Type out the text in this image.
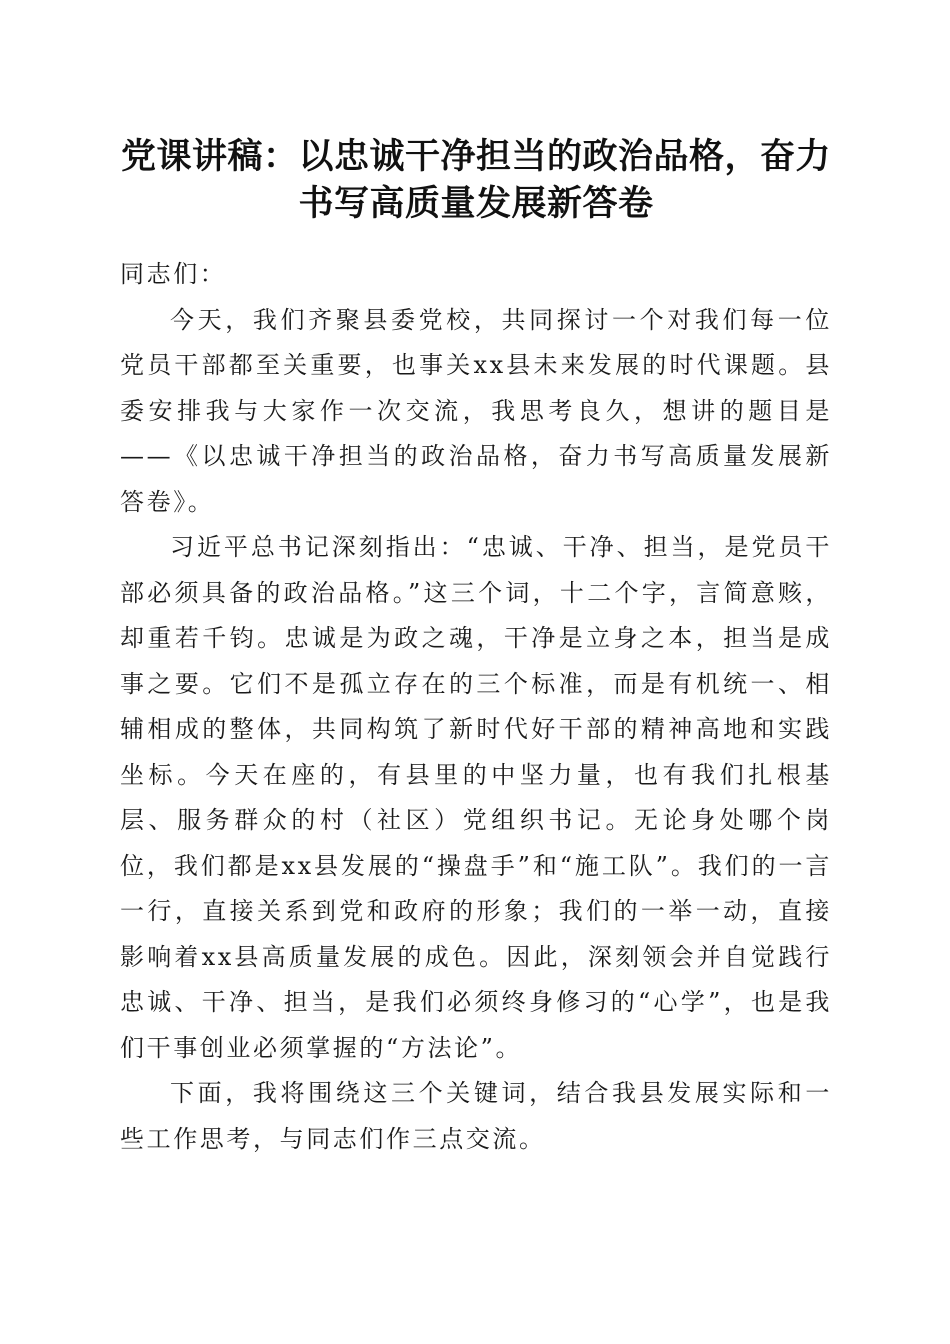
党课讲稿：以忠诚干净担当的政治品格，奋力
书写高质量发展新答卷

同志们：

今天，我们齐聚县委党校，共同探讨一个对我们每一位党员干部都至关重要，也事关xx县未来发展的时代课题。县委安排我与大家作一次交流，我思考良久，想讲的题目是——《以忠诚干净担当的政治品格，奋力书写高质量发展新答卷》。

习近平总书记深刻指出：“忠诚、干净、担当，是党员干部必须具备的政治品格。”这三个词，十二个字，言简意赅，却重若千钧。忠诚是为政之魂，干净是立身之本，担当是成事之要。它们不是孤立存在的三个标准，而是有机统一、相辅相成的整体，共同构筑了新时代好干部的精神高地和实践坐标。今天在座的，有县里的中坚力量，也有我们扎根基层、服务群众的村（社区）党组织书记。无论身处哪个岗位，我们都是xx县发展的“操盘手”和“施工队”。我们的一言一行，直接关系到党和政府的形象；我们的一举一动，直接影响着xx县高质量发展的成色。因此，深刻领会并自觉践行忠诚、干净、担当，是我们必须终身修习的“心学”，也是我们干事创业必须掌握的“方法论”。

下面，我将围绕这三个关键词，结合我县发展实际和一些工作思考，与同志们作三点交流。
